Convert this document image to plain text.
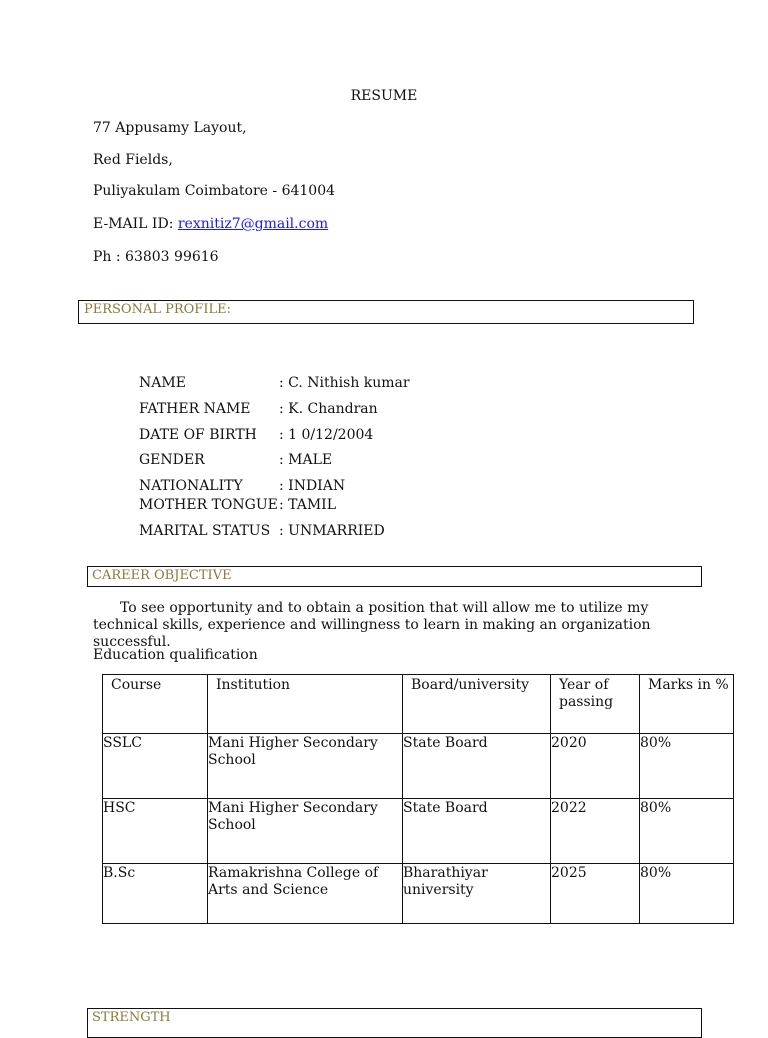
RESUME
77 Appusamy Layout,
Red Fields,
Puliyakulam Coimbatore - 641004
E-MAIL ID: rexnitiz7@gmail.com
Ph : 63803 99616
PERSONAL PROFILE:
NAME	: C. Nithish kumar
FATHER NAME : K. Chandran
DATE OF BIRTH : 1 0/12/2004
GENDER	: MALE
NATIONALITY	: INDIAN
MOTHER TONGUE : TAMIL
MARITAL STATUS : UNMARRIED
CAREER OBJECTIVE

To see opportunity and to obtain a position that will allow me to utilize my technical skills, experience and willingness to learn in making an organization successful.

Education qualification
Course	Institution	Board/university	Year of passing	Marks in %
SSLC	Mani Higher Secondary School	State Board	2020	80%
HSC	Mani Higher Secondary School	State Board	2022	80%
B.Sc	Ramakrishna College of Arts and Science	Bharathiyar university	2025	80%
STRENGTH
